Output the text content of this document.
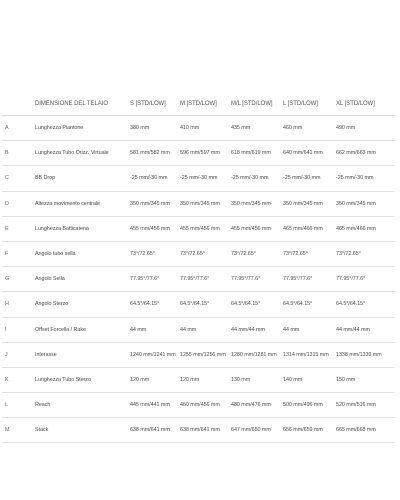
	DIMENSIONE DEL TELAIO	S [STD/LOW]	M [STD/LOW]	M/L [STD/LOW]	L [STD/LOW]	XL [STD/LOW]
A	Lunghezza Piantone	380 mm	410 mm	435 mm	460 mm	490 mm
B	Lunghezza Tubo Orizz. Virtuale	581 mm/582 mm	596 mm/597 mm	618 mm/619 mm	640 mm/641 mm	662 mm/663 mm
C	BB Drop	-25 mm/-30 mm	-25 mm/-30 mm	-25 mm/-30 mm	-25 mm/-30 mm	-25 mm/-30 mm
D	Altezza movimento centrale	350 mm/345 mm	350 mm/345 mm	350 mm/345 mm	350 mm/345 mm	350 mm/345 mm
E	Lunghezza Batticatena	455 mm/456 mm	455 mm/456 mm	455 mm/456 mm	465 mm/466 mm	465 mm/466 mm
F	Angolo tubo sella	73°/72.65°	73°/72.65°	73°/72.65°	73°/72.65°	73°/72.65°
G	Angolo Sella	77.95°/77.6°	77.95°/77.6°	77.95°/77.6°	77.95°/77.6°	77.95°/77.6°
H	Angolo Sterzo	64.5°/64.15°	64.5°/64.15°	64.5°/64.15°	64.5°/64.15°	64.5°/64.15°
I	Offset Forcella / Rake	44 mm	44 mm	44 mm/44 mm	44 mm	44 mm/44 mm
J	Interasse	1240 mm/1241 mm	1255 mm/1256 mm	1280 mm/1281 mm	1314 mm/1315 mm	1338 mm/1339 mm
K	Lunghezza Tubo Sterzo	120 mm	120 mm	130 mm	140 mm	150 mm
L	Reach	445 mm/441 mm	460 mm/456 mm	480 mm/476 mm	500 mm/496 mm	520 mm/516 mm
M	Stack	638 mm/641 mm	638 mm/641 mm	647 mm/650 mm	656 mm/659 mm	665 mm/668 mm
